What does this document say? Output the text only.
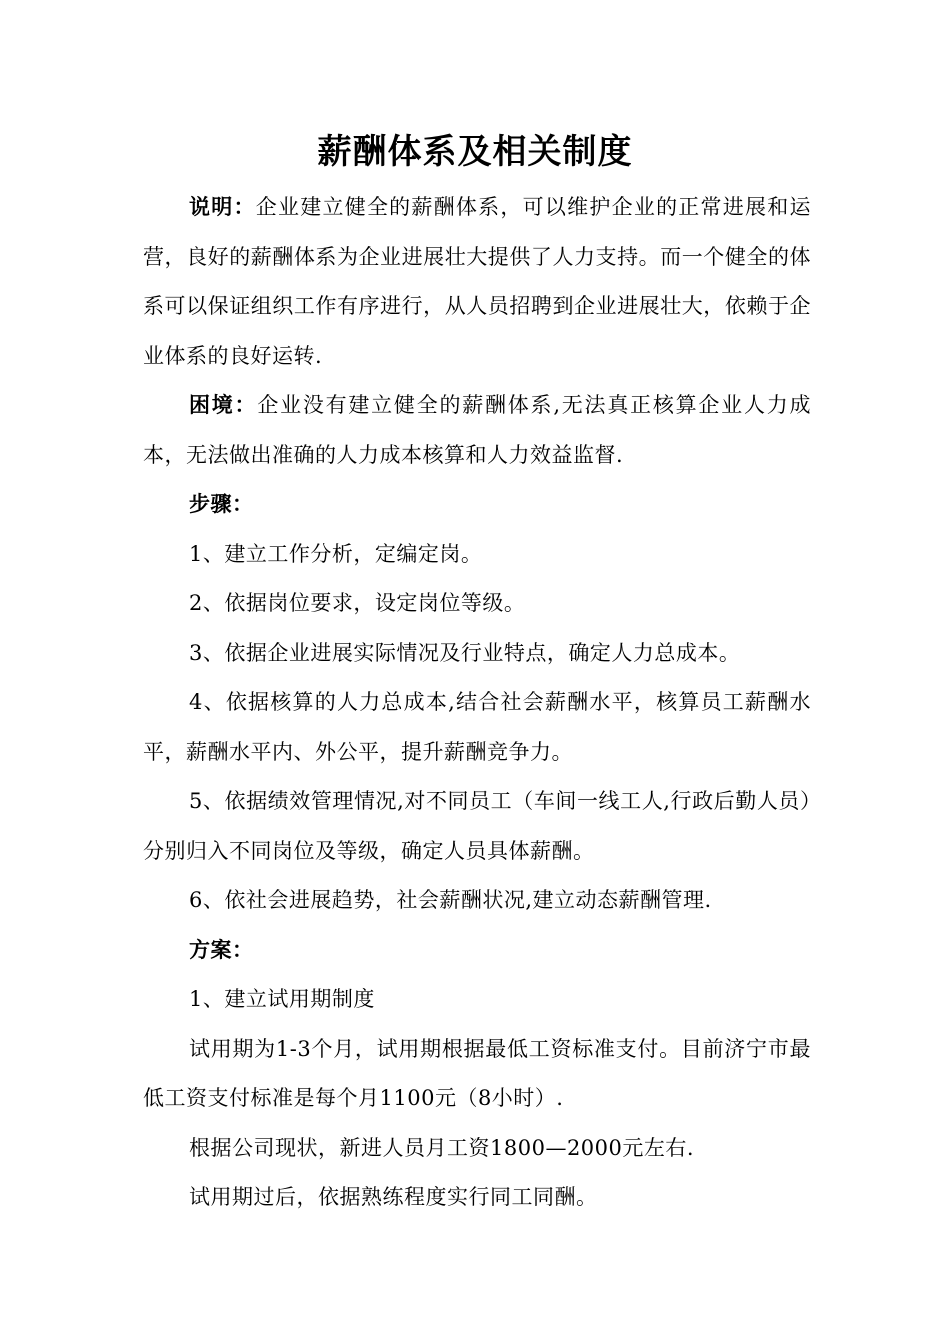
薪酬体系及相关制度

说明：企业建立健全的薪酬体系，可以维护企业的正常进展和运营，良好的薪酬体系为企业进展壮大提供了人力支持。而一个健全的体系可以保证组织工作有序进行，从人员招聘到企业进展壮大，依赖于企业体系的良好运转.

困境：企业没有建立健全的薪酬体系,无法真正核算企业人力成本，无法做出准确的人力成本核算和人力效益监督.

步骤：

1、建立工作分析，定编定岗。

2、依据岗位要求，设定岗位等级。

3、依据企业进展实际情况及行业特点，确定人力总成本。

4、依据核算的人力总成本,结合社会薪酬水平，核算员工薪酬水平，薪酬水平内、外公平，提升薪酬竞争力。

5、依据绩效管理情况,对不同员工（车间一线工人,行政后勤人员）分别归入不同岗位及等级，确定人员具体薪酬。

6、依社会进展趋势，社会薪酬状况,建立动态薪酬管理.

方案：

1、建立试用期制度

试用期为1-3个月，试用期根据最低工资标准支付。目前济宁市最低工资支付标准是每个月1100元（8小时）.

根据公司现状，新进人员月工资1800—2000元左右.

试用期过后，依据熟练程度实行同工同酬。
